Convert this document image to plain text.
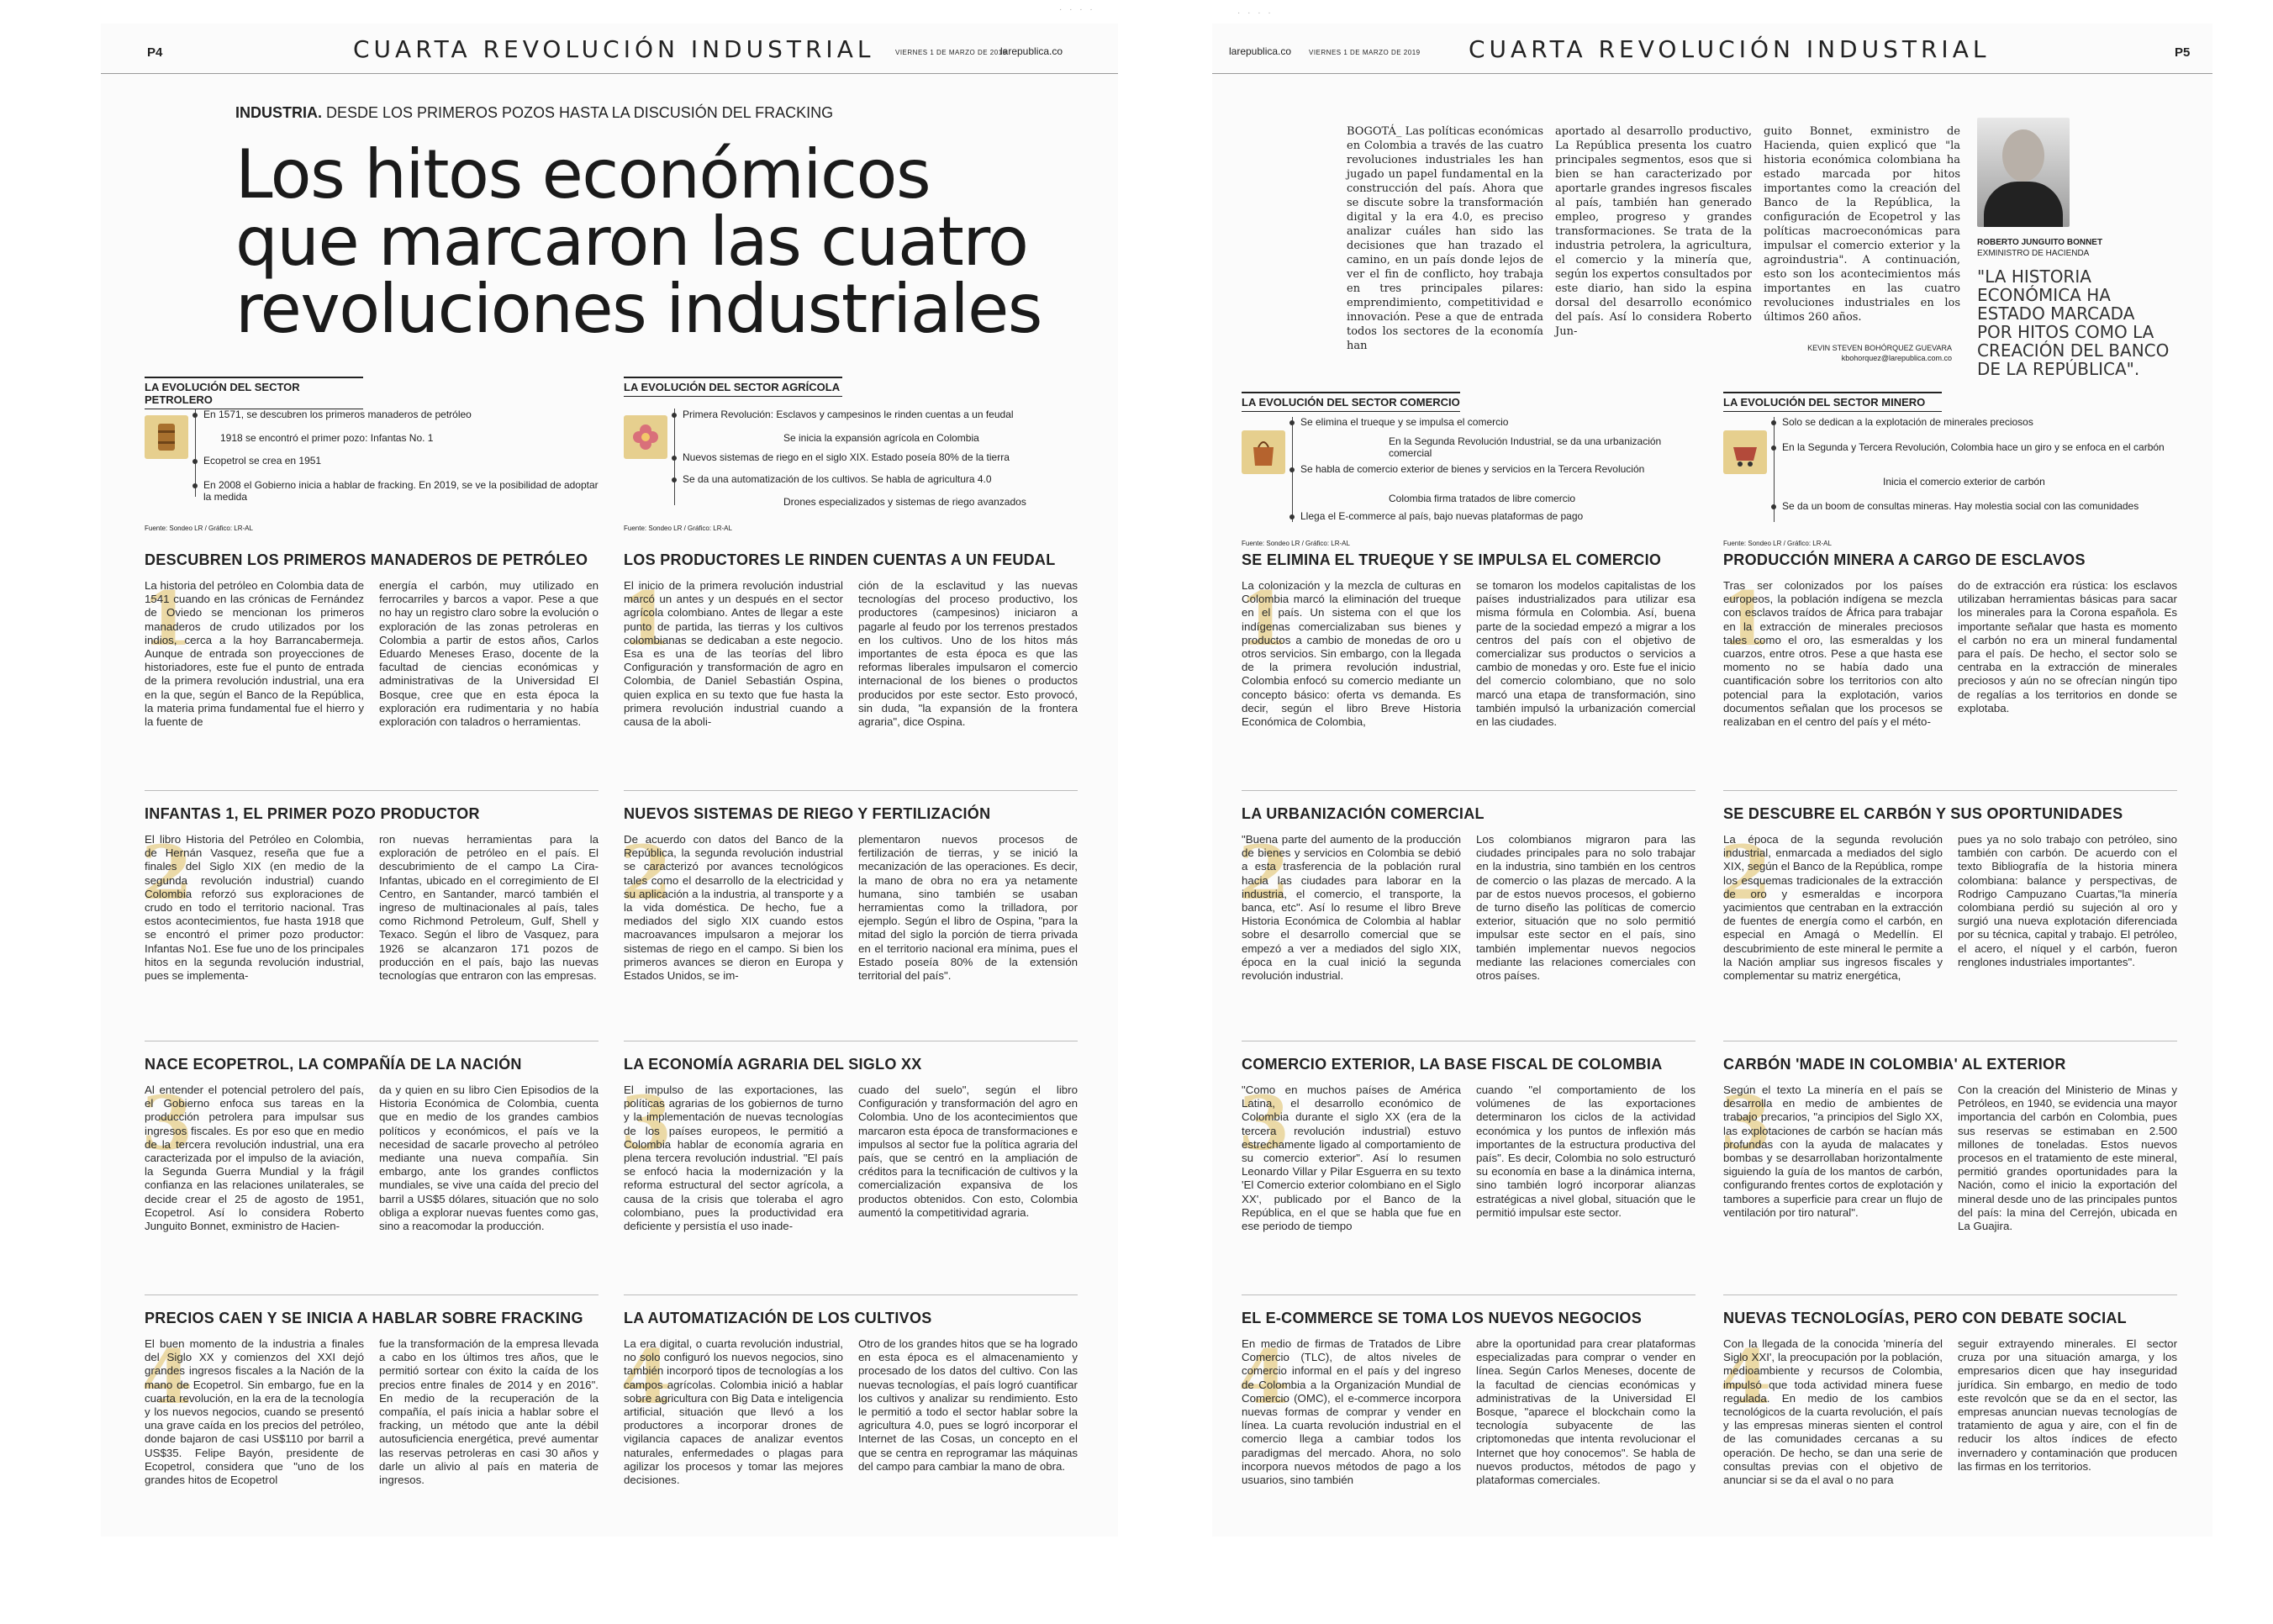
· · · ·
P4	CUARTA REVOLUCIÓN INDUSTRIAL	VIERNES 1 DE MARZO DE 2019
larepublica.co
INDUSTRIA. DESDE LOS PRIMEROS POZOS HASTA LA DISCUSIÓN DEL FRACKING
Los hitos económicos
que marcaron las cuatro
revoluciones industriales
LA EVOLUCIÓN DEL SECTOR PETROLERO
En 1571, se descubren los primeros manaderos de petróleo
1918 se encontró el primer pozo: Infantas No. 1
Ecopetrol se crea en 1951
En 2008 el Gobierno inicia a hablar de fracking. En 2019, se ve la posibilidad de adoptar la medida
Fuente: Sondeo LR / Gráfico: LR-AL
LA EVOLUCIÓN DEL SECTOR AGRÍCOLA
Primera Revolución: Esclavos y campesinos le rinden cuentas a un feudal
Se inicia la expansión agrícola en Colombia
Nuevos sistemas de riego en el siglo XIX. Estado poseía 80% de la tierra
Se da una automatización de los cultivos. Se habla de agricultura 4.0
Drones especializados y sistemas de riego avanzados
Fuente: Sondeo LR / Gráfico: LR-AL
1
DESCUBREN LOS PRIMEROS MANADEROS DE PETRÓLEO

La historia del petróleo en Colombia data de 1541 cuando en las crónicas de Fernández de Oviedo se mencionan los primeros manaderos de crudo utilizados por los indios, cerca a la hoy Barrancabermeja. Aunque de entrada son proyecciones de historiadores, este fue el punto de entrada de la primera revolución industrial, una era en la que, según el Banco de la República, la materia prima fundamental fue el hierro y la fuente de

energía el carbón, muy utilizado en ferrocarriles y barcos a vapor. Pese a que no hay un registro claro sobre la evolución o exploración de las zonas petroleras en Colombia a partir de estos años, Carlos Eduardo Meneses Eraso, docente de la facultad de ciencias económicas y administrativas de la Universidad El Bosque, cree que en esta época la exploración era rudimentaria y no había exploración con taladros o herramientas.

2
INFANTAS 1, EL PRIMER POZO PRODUCTOR

El libro Historia del Petróleo en Colombia, de Hernán Vasquez, reseña que fue a finales del Siglo XIX (en medio de la segunda revolución industrial) cuando Colombia reforzó sus exploraciones de crudo en todo el territorio nacional. Tras estos acontecimientos, fue hasta 1918 que se encontró el primer pozo productor: Infantas No1. Ese fue uno de los principales hitos en la segunda revolución industrial, pues se implementa-

ron nuevas herramientas para la exploración de petróleo en el país. El descubrimiento de el campo La Cira-Infantas, ubicado en el corregimiento de El Centro, en Santander, marcó también el ingreso de multinacionales al país, tales como Richmond Petroleum, Gulf, Shell y Texaco. Según el libro de Vasquez, para 1926 se alcanzaron 171 pozos de producción en el país, bajo las nuevas tecnologías que entraron con las empresas.

3
NACE ECOPETROL, LA COMPAÑÍA DE LA NACIÓN

Al entender el potencial petrolero del país, el Gobierno enfoca sus tareas en la producción petrolera para impulsar sus ingresos fiscales. Es por eso que en medio de la tercera revolución industrial, una era caracterizada por el impulso de la aviación, la Segunda Guerra Mundial y la frágil confianza en las relaciones unilaterales, se decide crear el 25 de agosto de 1951, Ecopetrol. Así lo considera Roberto Junguito Bonnet, exministro de Hacien-

da y quien en su libro Cien Episodios de la Historia Económica de Colombia, cuenta que en medio de los grandes cambios políticos y económicos, el país ve la necesidad de sacarle provecho al petróleo mediante una nueva compañía. Sin embargo, ante los grandes conflictos mundiales, se vive una caída del precio del barril a US$5 dólares, situación que no solo obliga a explorar nuevas fuentes como gas, sino a reacomodar la producción.

4
PRECIOS CAEN Y SE INICIA A HABLAR SOBRE FRACKING

El buen momento de la industria a finales del Siglo XX y comienzos del XXI dejó grandes ingresos fiscales a la Nación de la mano de Ecopetrol. Sin embargo, fue en la cuarta revolución, en la era de la tecnología y los nuevos negocios, cuando se presentó una grave caída en los precios del petróleo, donde bajaron de casi US$110 por barril a US$35. Felipe Bayón, presidente de Ecopetrol, considera que "uno de los grandes hitos de Ecopetrol

fue la transformación de la empresa llevada a cabo en los últimos tres años, que le permitió sortear con éxito la caída de los precios entre finales de 2014 y en 2016". En medio de la recuperación de la compañía, el país inicia a hablar sobre el fracking, un método que ante la débil autosuficiencia energética, prevé aumentar las reservas petroleras en casi 30 años y darle un alivio al país en materia de ingresos.

1
LOS PRODUCTORES LE RINDEN CUENTAS A UN FEUDAL

El inicio de la primera revolución industrial marcó un antes y un después en el sector agrícola colombiano. Antes de llegar a este punto de partida, las tierras y los cultivos colombianas se dedicaban a este negocio. Esa es una de las teorías del libro Configuración y transformación de agro en Colombia, de Daniel Sebastián Ospina, quien explica en su texto que fue hasta la primera revolución industrial cuando a causa de la aboli-

ción de la esclavitud y las nuevas tecnologías del proceso productivo, los productores (campesinos) iniciaron a pagarle al feudo por los terrenos prestados en los cultivos. Uno de los hitos más importantes de esta época es que las reformas liberales impulsaron el comercio internacional de los bienes o productos producidos por este sector. Esto provocó, sin duda, "la expansión de la frontera agraria", dice Ospina.

2
NUEVOS SISTEMAS DE RIEGO Y FERTILIZACIÓN

De acuerdo con datos del Banco de la República, la segunda revolución industrial se caracterizó por avances tecnológicos tales como el desarrollo de la electricidad y su aplicación a la industria, al transporte y a la vida doméstica. De hecho, fue a mediados del siglo XIX cuando estos macroavances impulsaron a mejorar los sistemas de riego en el campo. Si bien los primeros avances se dieron en Europa y Estados Unidos, se im-

plementaron nuevos procesos de fertilización de tierras, y se inició la mecanización de las operaciones. Es decir, la mano de obra no era ya netamente humana, sino también se usaban herramientas como la trilladora, por ejemplo. Según el libro de Ospina, "para la mitad del siglo la porción de tierra privada en el territorio nacional era mínima, pues el Estado poseía 80% de la extensión territorial del país".

3
LA ECONOMÍA AGRARIA DEL SIGLO XX

El impulso de las exportaciones, las políticas agrarias de los gobiernos de turno y la implementación de nuevas tecnologías de los países europeos, le permitió a Colombia hablar de economía agraria en plena tercera revolución industrial. "El país se enfocó hacia la modernización y la reforma estructural del sector agrícola, a causa de la crisis que toleraba el agro colombiano, pues la productividad era deficiente y persistía el uso inade-

cuado del suelo", según el libro Configuración y transformación del agro en Colombia. Uno de los acontecimientos que marcaron esta época de transformaciones e impulsos al sector fue la política agraria del país, que se centró en la ampliación de créditos para la tecnificación de cultivos y la comercialización expansiva de los productos obtenidos. Con esto, Colombia aumentó la competitividad agraria.

4
LA AUTOMATIZACIÓN DE LOS CULTIVOS

La era digital, o cuarta revolución industrial, no solo configuró los nuevos negocios, sino también incorporó tipos de tecnologías a los campos agrícolas. Colombia inició a hablar sobre agricultura con Big Data e inteligencia artificial, situación que llevó a los productores a incorporar drones de vigilancia capaces de analizar eventos naturales, enfermedades o plagas para agilizar los procesos y tomar las mejores decisiones.

Otro de los grandes hitos que se ha logrado en esta época es el almacenamiento y procesado de los datos del cultivo. Con las nuevas tecnologías, el país logró cuantificar los cultivos y analizar su rendimiento. Esto le permitió a todo el sector hablar sobre la agricultura 4.0, pues se logró incorporar el Internet de las Cosas, un concepto en el que se centra en reprogramar las máquinas del campo para cambiar la mano de obra.

· · · ·
larepublica.co	VIERNES 1 DE MARZO DE 2019 CUARTA REVOLUCIÓN INDUSTRIAL	P5

BOGOTÁ_ Las políticas económicas en Colombia a través de las cuatro revoluciones industriales les han jugado un papel fundamental en la construcción del país. Ahora que se discute sobre la transformación digital y la era 4.0, es preciso analizar cuáles han sido las decisiones que han trazado el camino, en un país donde lejos de ver el fin de conflicto, hoy trabaja en tres principales pilares: emprendimiento, competitividad e innovación. Pese a que de entrada todos los sectores de la economía han

aportado al desarrollo productivo, La República presenta los cuatro principales segmentos, esos que si bien se han caracterizado por aportarle grandes ingresos fiscales al país, también han generado empleo, progreso y grandes transformaciones. Se trata de la industria petrolera, la agricultura, el comercio y la minería que, según los expertos consultados por este diario, han sido la espina dorsal del desarrollo económico del país. Así lo considera Roberto Jun-

guito Bonnet, exministro de Hacienda, quien explicó que "la historia económica colombiana ha estado marcada por hitos importantes como la creación del Banco de la República, la configuración de Ecopetrol y las políticas macroeconómicas para impulsar el comercio exterior y la agroindustria". A continuación, esto son los acontecimientos más importantes en las cuatro revoluciones industriales en los últimos 260 años.

KEVIN STEVEN BOHÓRQUEZ GUEVARA
kbohorquez@larepublica.com.co
ROBERTO JUNGUITO BONNET
EXMINISTRO DE HACIENDA
"LA HISTORIA ECONÓMICA HA ESTADO MARCADA POR HITOS COMO LA CREACIÓN DEL BANCO DE LA REPÚBLICA".
LA EVOLUCIÓN DEL SECTOR COMERCIO
Se elimina el trueque y se impulsa el comercio
En la Segunda Revolución Industrial, se da una urbanización comercial
Se habla de comercio exterior de bienes y servicios en la Tercera Revolución
Colombia firma tratados de libre comercio
Llega el E-commerce al país, bajo nuevas plataformas de pago
Fuente: Sondeo LR / Gráfico: LR-AL
LA EVOLUCIÓN DEL SECTOR MINERO
Solo se dedican a la explotación de minerales preciosos
En la Segunda y Tercera Revolución, Colombia hace un giro y se enfoca en el carbón
Inicia el comercio exterior de carbón
Se da un boom de consultas mineras. Hay molestia social con las comunidades
Fuente: Sondeo LR / Gráfico: LR-AL
1
SE ELIMINA EL TRUEQUE Y SE IMPULSA EL COMERCIO

La colonización y la mezcla de culturas en Colombia marcó la eliminación del trueque en el país. Un sistema con el que los indígenas comercializaban sus bienes y productos a cambio de monedas de oro u otros servicios. Sin embargo, con la llegada de la primera revolución industrial, Colombia enfocó su comercio mediante un concepto básico: oferta vs demanda. Es decir, según el libro Breve Historia Económica de Colombia,

se tomaron los modelos capitalistas de los países industrializados para utilizar esa misma fórmula en Colombia. Así, buena parte de la sociedad empezó a migrar a los centros del país con el objetivo de comercializar sus productos o servicios a cambio de monedas y oro. Este fue el inicio del comercio colombiano, que no solo marcó una etapa de transformación, sino también impulsó la urbanización comercial en las ciudades.

2
LA URBANIZACIÓN COMERCIAL

"Buena parte del aumento de la producción de bienes y servicios en Colombia se debió a esta trasferencia de la población rural hacia las ciudades para laborar en la industria, el comercio, el transporte, la banca, etc". Así lo resume el libro Breve Historia Económica de Colombia al hablar sobre el desarrollo comercial que se empezó a ver a mediados del siglo XIX, época en la cual inició la segunda revolución industrial.

Los colombianos migraron para las ciudades principales para no solo trabajar en la industria, sino también en los centros de comercio o las plazas de mercado. A la par de estos nuevos procesos, el gobierno de turno diseño las políticas de comercio exterior, situación que no solo permitió impulsar este sector en el país, sino también implementar nuevos negocios mediante las relaciones comerciales con otros países.

3
COMERCIO EXTERIOR, LA BASE FISCAL DE COLOMBIA

"Como en muchos países de América Latina, el desarrollo económico de Colombia durante el siglo XX (era de la tercera revolución industrial) estuvo estrechamente ligado al comportamiento de su comercio exterior". Así lo resumen Leonardo Villar y Pilar Esguerra en su texto 'El Comercio exterior colombiano en el Siglo XX', publicado por el Banco de la República, en el que se habla que fue en ese periodo de tiempo

cuando "el comportamiento de los volúmenes de las exportaciones determinaron los ciclos de la actividad económica y los puntos de inflexión más importantes de la estructura productiva del país". Es decir, Colombia no solo estructuró su economía en base a la dinámica interna, sino también logró incorporar alianzas estratégicas a nivel global, situación que le permitió impulsar este sector.

4
EL E-COMMERCE SE TOMA LOS NUEVOS NEGOCIOS

En medio de firmas de Tratados de Libre Comercio (TLC), de altos niveles de comercio informal en el país y del ingreso de Colombia a la Organización Mundial de Comercio (OMC), el e-commerce incorpora nuevas formas de comprar y vender en línea. La cuarta revolución industrial en el comercio llega a cambiar todos los paradigmas del mercado. Ahora, no solo incorpora nuevos métodos de pago a los usuarios, sino también

abre la oportunidad para crear plataformas especializadas para comprar o vender en línea. Según Carlos Meneses, docente de la facultad de ciencias económicas y administrativas de la Universidad El Bosque, "aparece el blockchain como la tecnología subyacente de las criptomonedas que intenta revolucionar el Internet que hoy conocemos". Se habla de nuevos productos, métodos de pago y plataformas comerciales.

1
PRODUCCIÓN MINERA A CARGO DE ESCLAVOS

Tras ser colonizados por los países europeos, la población indígena se mezcla con esclavos traídos de África para trabajar en la extracción de minerales preciosos tales como el oro, las esmeraldas y los cuarzos, entre otros. Pese a que hasta ese momento no se había dado una cuantificación sobre los territorios con alto potencial para la explotación, varios documentos señalan que los procesos se realizaban en el centro del país y el méto-

do de extracción era rústica: los esclavos utilizaban herramientas básicas para sacar los minerales para la Corona española. Es importante señalar que hasta es momento el carbón no era un mineral fundamental para el país. De hecho, el sector solo se centraba en la extracción de minerales preciosos y aún no se ofrecían ningún tipo de regalías a los territorios en donde se explotaba.

2
SE DESCUBRE EL CARBÓN Y SUS OPORTUNIDADES

La época de la segunda revolución industrial, enmarcada a mediados del siglo XIX, según el Banco de la República, rompe los esquemas tradicionales de la extracción de oro y esmeraldas e incorpora yacimientos que centraban en la extracción de fuentes de energía como el carbón, en especial en Amagá o Medellín. El descubrimiento de este mineral le permite a la Nación ampliar sus ingresos fiscales y complementar su matriz energética,

pues ya no solo trabajo con petróleo, sino también con carbón. De acuerdo con el texto Bibliografía de la historia minera colombiana: balance y perspectivas, de Rodrigo Campuzano Cuartas,"la minería colombiana perdió su sujeción al oro y surgió una nueva explotación diferenciada por su técnica, capital y trabajo. El petróleo, el acero, el níquel y el carbón, fueron renglones industriales importantes".

3
CARBÓN 'MADE IN COLOMBIA' AL EXTERIOR

Según el texto La minería en el país se desarrolla en medio de ambientes de trabajo precarios, "a principios del Siglo XX, las explotaciones de carbón se hacían más profundas con la ayuda de malacates y bombas y se desarrollaban horizontalmente siguiendo la guía de los mantos de carbón, configurando frentes cortos de explotación y tambores a superficie para crear un flujo de ventilación por tiro natural".

Con la creación del Ministerio de Minas y Petróleos, en 1940, se evidencia una mayor importancia del carbón en Colombia, pues sus reservas se estimaban en 2.500 millones de toneladas. Estos nuevos procesos en el tratamiento de este mineral, permitió grandes oportunidades para la Nación, como el inicio la exportación del mineral desde uno de las principales puntos del país: la mina del Cerrejón, ubicada en La Guajira.

4
NUEVAS TECNOLOGÍAS, PERO CON DEBATE SOCIAL

Con la llegada de la conocida 'minería del Siglo XXI', la preocupación por la población, medioambiente y recursos de Colombia, impulsó que toda actividad minera fuese regulada. En medio de los cambios tecnológicos de la cuarta revolución, el país y las empresas mineras sienten el control de las comunidades cercanas a su operación. De hecho, se dan una serie de consultas previas con el objetivo de anunciar si se da el aval o no para

seguir extrayendo minerales. El sector cruza por una situación amarga, y los empresarios dicen que hay inseguridad jurídica. Sin embargo, en medio de todo este revolcón que se da en el sector, las empresas anuncian nuevas tecnologías de tratamiento de agua y aire, con el fin de reducir los altos índices de efecto invernadero y contaminación que producen las firmas en los territorios.
